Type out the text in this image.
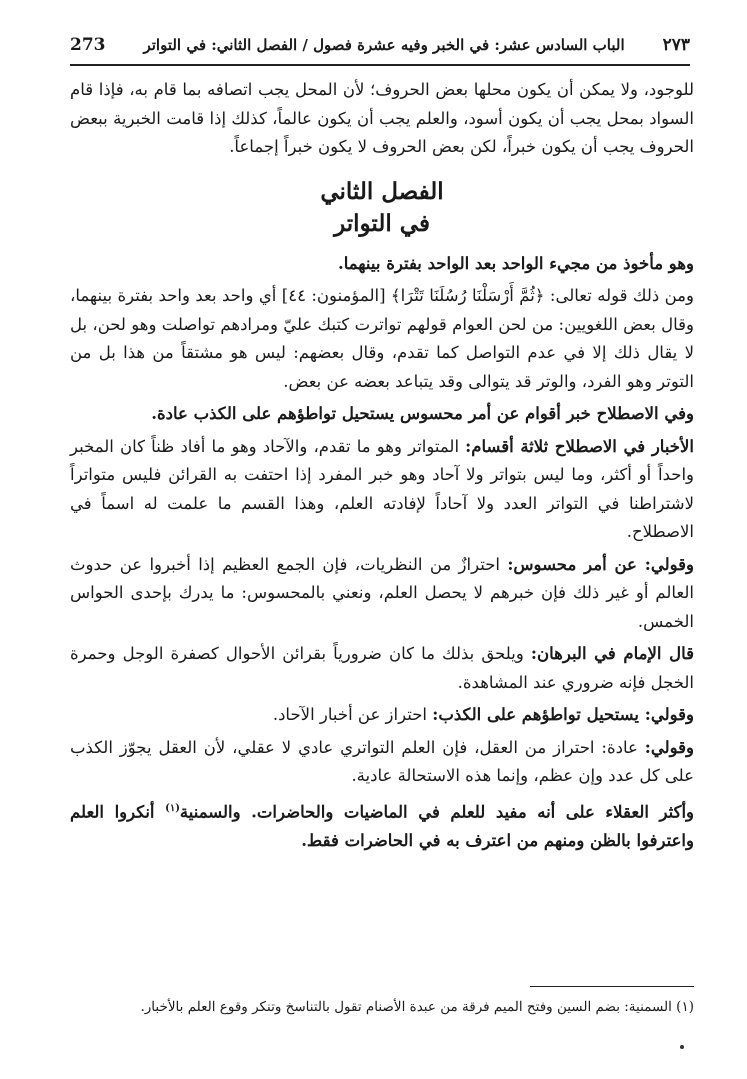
273	الباب السادس عشر: في الخبر وفيه عشرة فصول / الفصل الثاني: في التواتر ٢٧٣

للوجود، ولا يمكن أن يكون محلها بعض الحروف؛ لأن المحل يجب اتصافه بما قام به، فإذا قام السواد بمحل يجب أن يكون أسود، والعلم يجب أن يكون عالماً، كذلك إذا قامت الخبرية ببعض الحروف يجب أن يكون خبراً، لكن بعض الحروف لا يكون خبراً إجماعاً.

الفصل الثاني
في التواتر

وهو مأخوذ من مجيء الواحد بعد الواحد بفترة بينهما.

ومن ذلك قوله تعالى: ﴿ثُمَّ أَرْسَلْنَا رُسُلَنَا تَتْرَا﴾ [المؤمنون: ٤٤] أي واحد بعد واحد بفترة بينهما، وقال بعض اللغويين: من لحن العوام قولهم تواترت كتبك عليّ ومرادهم تواصلت وهو لحن، بل لا يقال ذلك إلا في عدم التواصل كما تقدم، وقال بعضهم: ليس هو مشتقاً من هذا بل من التوتر وهو الفرد، والوتر قد يتوالى وقد يتباعد بعضه عن بعض.

وفي الاصطلاح خبر أقوام عن أمر محسوس يستحيل تواطؤهم على الكذب عادة.

الأخبار في الاصطلاح ثلاثة أقسام: المتواتر وهو ما تقدم، والآحاد وهو ما أفاد ظناً كان المخبر واحداً أو أكثر، وما ليس بتواتر ولا آحاد وهو خبر المفرد إذا احتفت به القرائن فليس متواتراً لاشتراطنا في التواتر العدد ولا آحاداً لإفادته العلم، وهذا القسم ما علمت له اسماً في الاصطلاح.

وقولي: عن أمر محسوس: احترازٌ من النظريات، فإن الجمع العظيم إذا أخبروا عن حدوث العالم أو غير ذلك فإن خبرهم لا يحصل العلم، ونعني بالمحسوس: ما يدرك بإحدى الحواس الخمس.

قال الإمام في البرهان: ويلحق بذلك ما كان ضرورياً بقرائن الأحوال كصفرة الوجل وحمرة الخجل فإنه ضروري عند المشاهدة.

وقولي: يستحيل تواطؤهم على الكذب: احتراز عن أخبار الآحاد.

وقولي: عادة: احتراز من العقل، فإن العلم التواتري عادي لا عقلي، لأن العقل يجوّز الكذب على كل عدد وإن عظم، وإنما هذه الاستحالة عادية.

وأكثر العقلاء على أنه مفيد للعلم في الماضيات والحاضرات. والسمنية$^{(١)}$ أنكروا العلم واعترفوا بالظن ومنهم من اعترف به في الحاضرات فقط.

(١) السمنية: بضم السين وفتح الميم فرقة من عبدة الأصنام تقول بالتناسخ وتنكر وقوع العلم بالأخبار.
